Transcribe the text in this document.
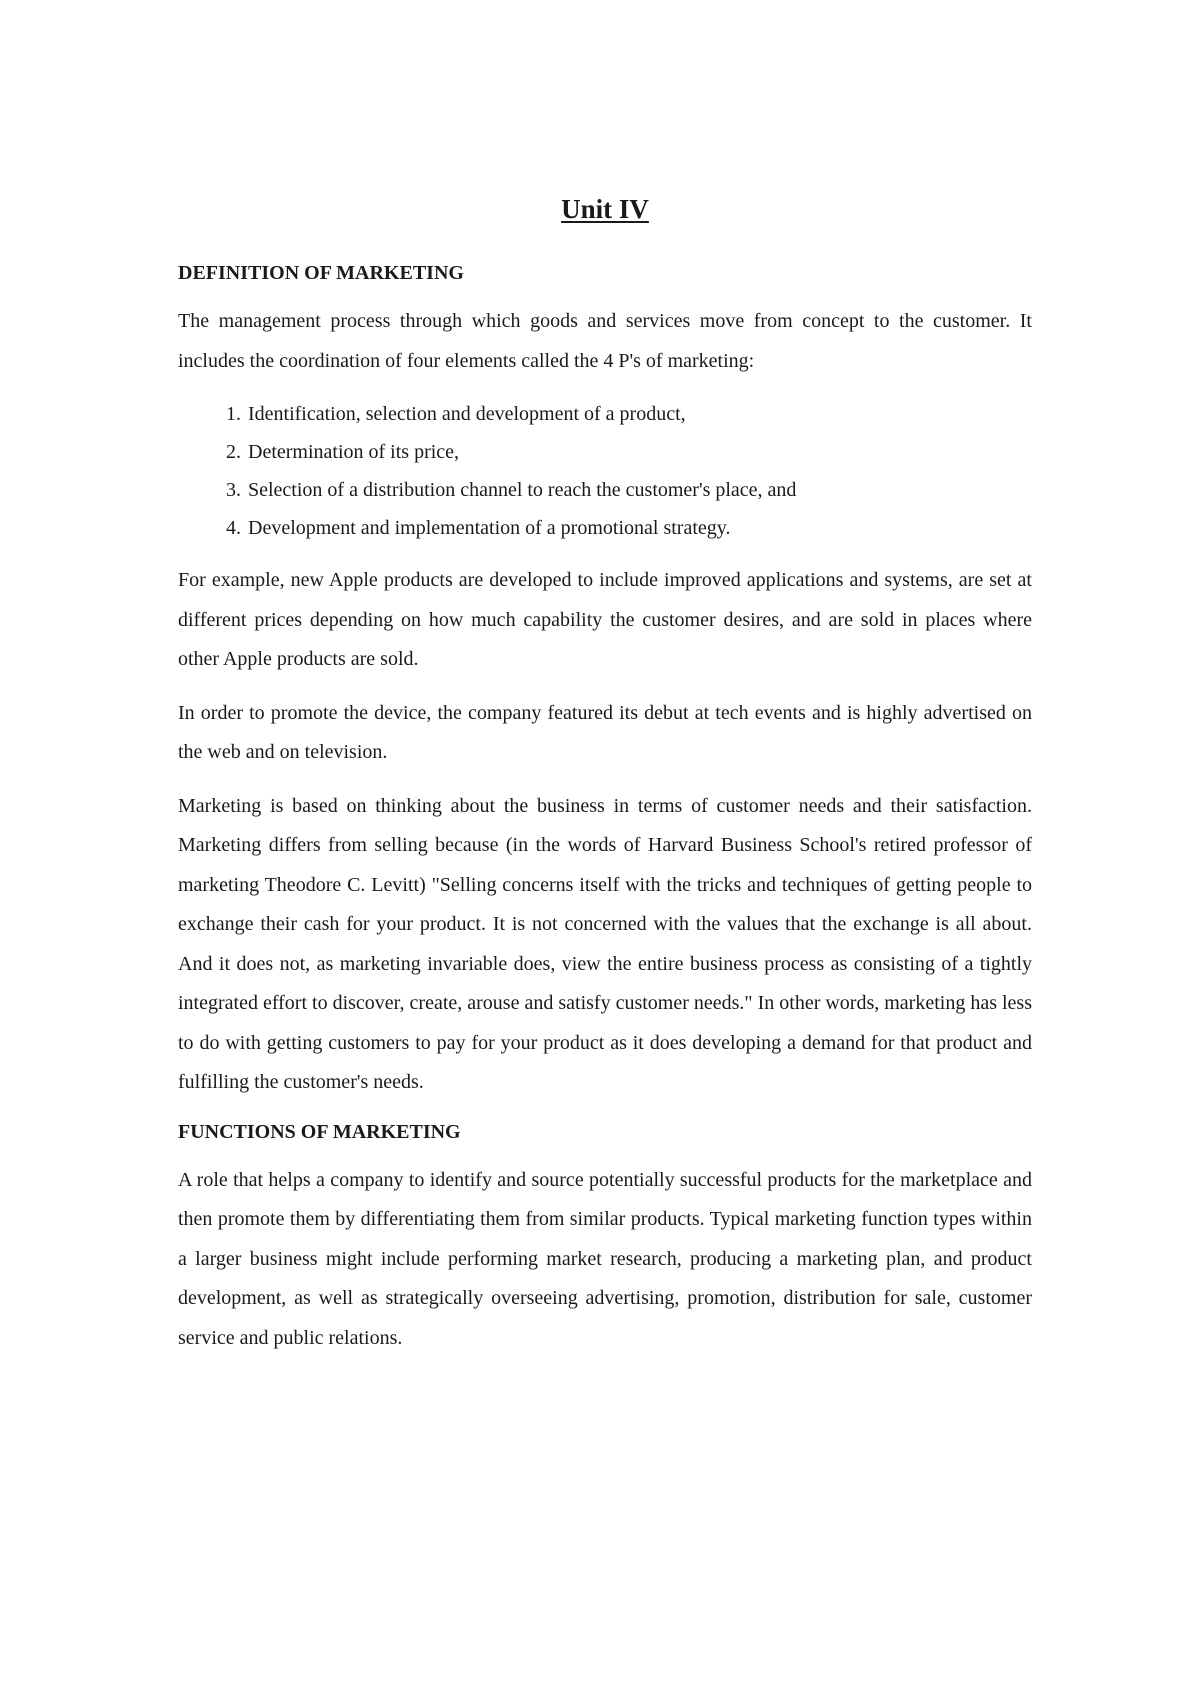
Unit IV
DEFINITION OF MARKETING

The management process through which goods and services move from concept to the customer. It includes the coordination of four elements called the 4 P's of marketing:

1. Identification, selection and development of a product,
2. Determination of its price,
3. Selection of a distribution channel to reach the customer's place, and
4. Development and implementation of a promotional strategy.

For example, new Apple products are developed to include improved applications and systems, are set at different prices depending on how much capability the customer desires, and are sold in places where other Apple products are sold.

In order to promote the device, the company featured its debut at tech events and is highly advertised on the web and on television.

Marketing is based on thinking about the business in terms of customer needs and their satisfaction. Marketing differs from selling because (in the words of Harvard Business School's retired professor of marketing Theodore C. Levitt) "Selling concerns itself with the tricks and techniques of getting people to exchange their cash for your product. It is not concerned with the values that the exchange is all about. And it does not, as marketing invariable does, view the entire business process as consisting of a tightly integrated effort to discover, create, arouse and satisfy customer needs." In other words, marketing has less to do with getting customers to pay for your product as it does developing a demand for that product and fulfilling the customer's needs.

FUNCTIONS OF MARKETING

A role that helps a company to identify and source potentially successful products for the marketplace and then promote them by differentiating them from similar products. Typical marketing function types within a larger business might include performing market research, producing a marketing plan, and product development, as well as strategically overseeing advertising, promotion, distribution for sale, customer service and public relations.
